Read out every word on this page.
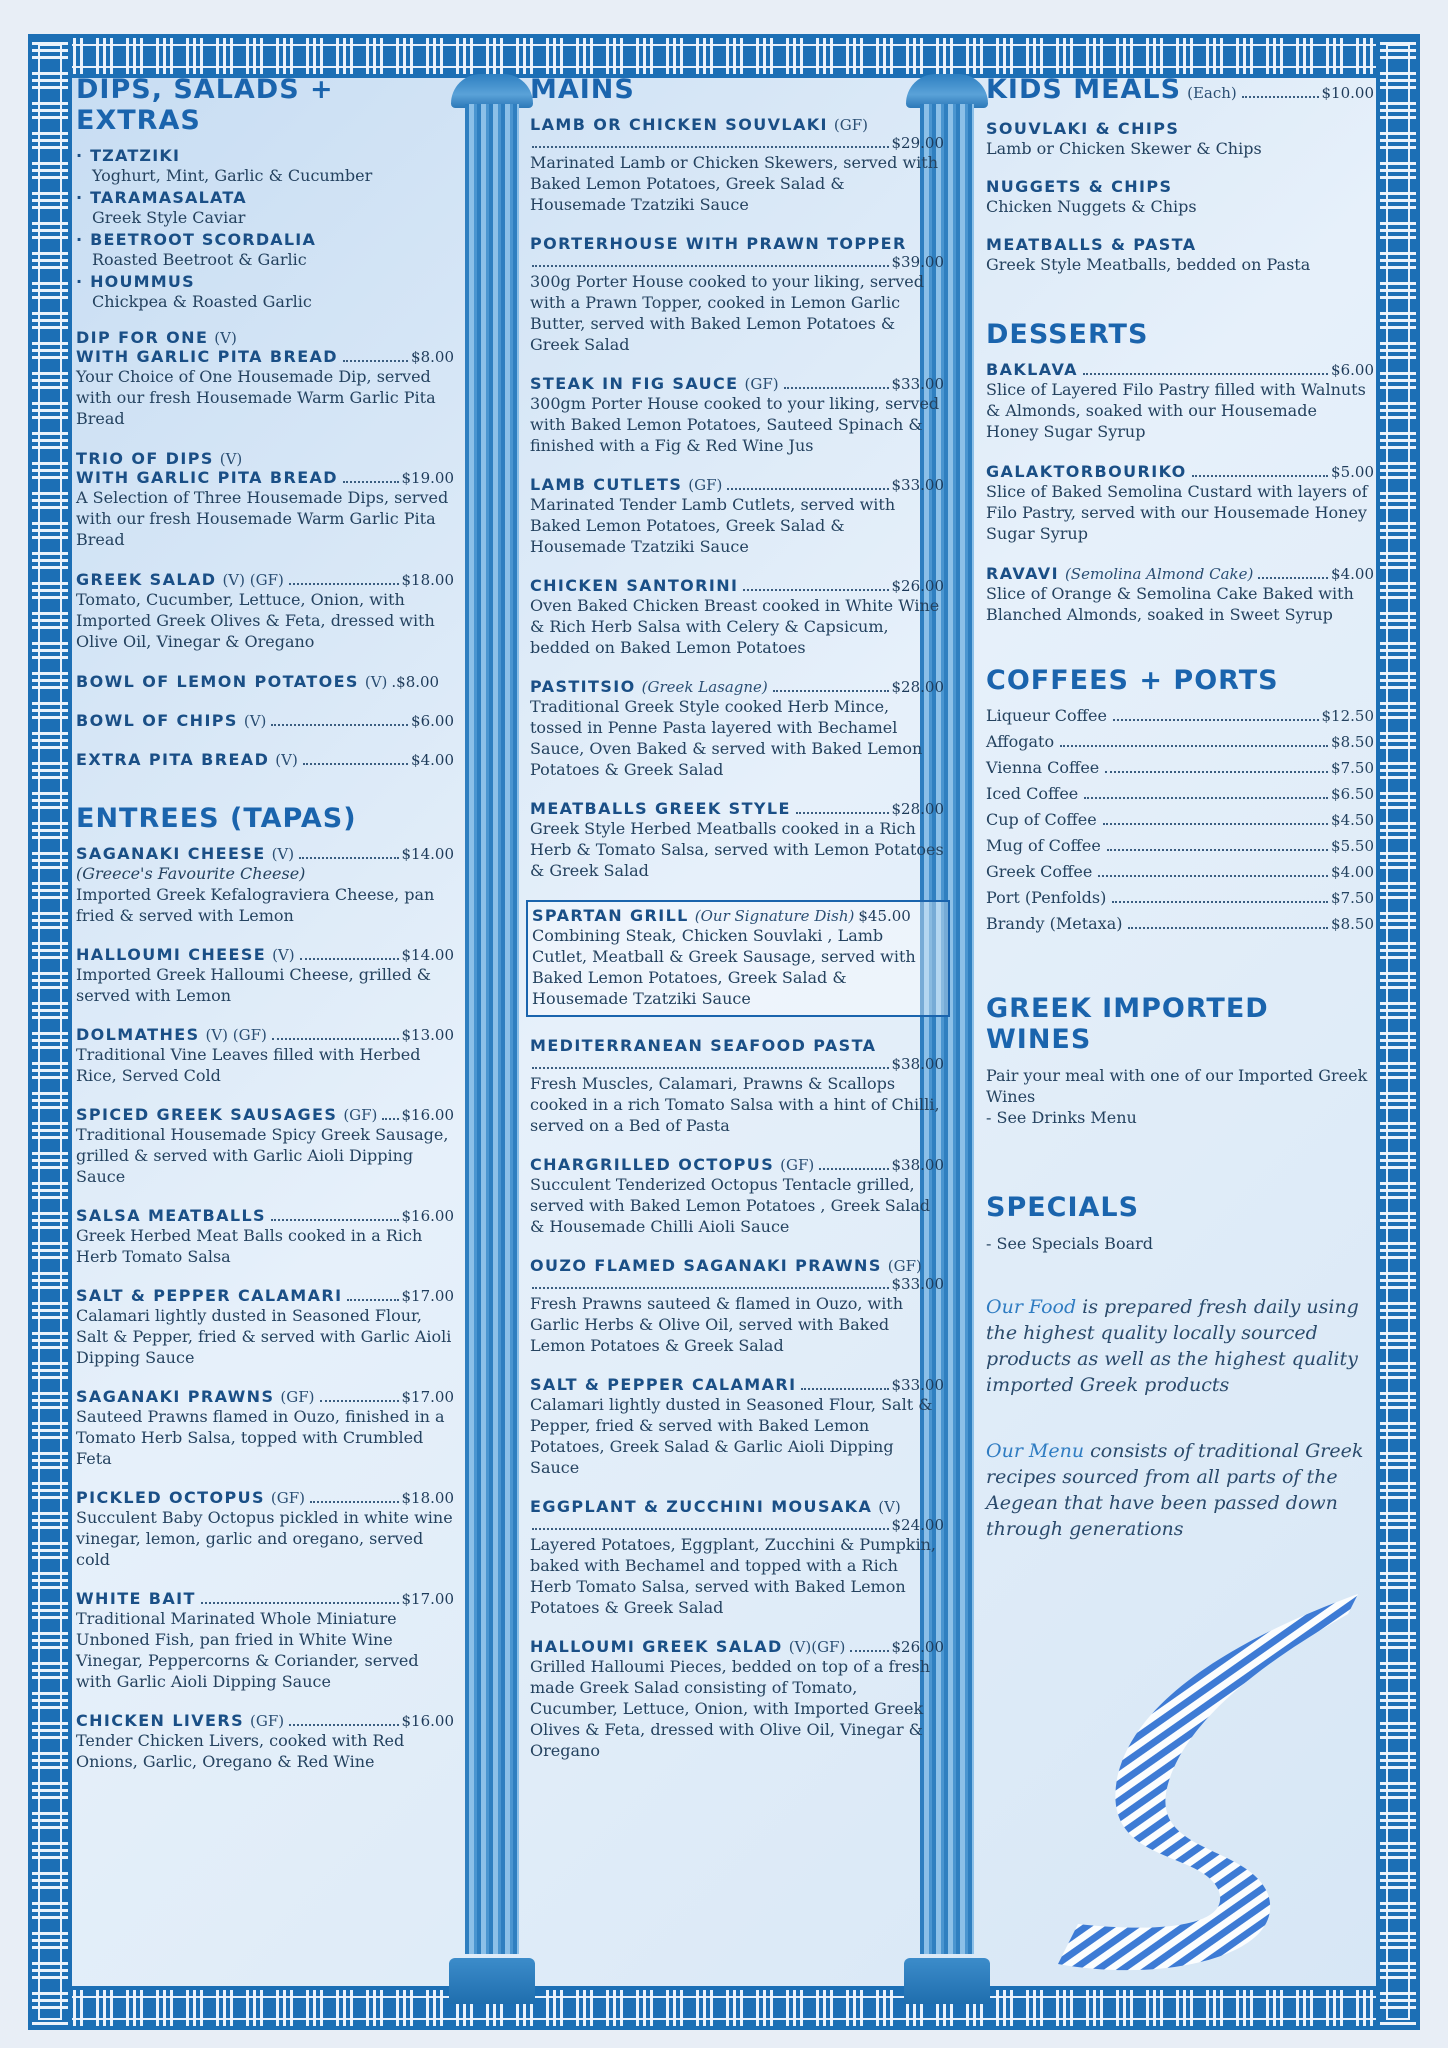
DIPS, SALADS + EXTRAS
· TZATZIKI
Yoghurt, Mint, Garlic & Cucumber
· TARAMASALATA
Greek Style Caviar
· BEETROOT SCORDALIA
Roasted Beetroot & Garlic
· HOUMMUS
Chickpea & Roasted Garlic
DIP FOR ONE (V)
WITH GARLIC PITA BREAD	$8.00
Your Choice of One Housemade Dip, served with our fresh Housemade Warm Garlic Pita Bread
TRIO OF DIPS (V)
WITH GARLIC PITA BREAD	$19.00
A Selection of Three Housemade Dips, served with our fresh Housemade Warm Garlic Pita Bread
GREEK SALAD (V) (GF)	$18.00
Tomato, Cucumber, Lettuce, Onion, with Imported Greek Olives & Feta, dressed with Olive Oil, Vinegar & Oregano
BOWL OF LEMON POTATOES (V) .$8.00
BOWL OF CHIPS (V)	$6.00
EXTRA PITA BREAD (V)	$4.00
ENTREES (TAPAS)
SAGANAKI CHEESE (V)	$14.00
(Greece's Favourite Cheese)
Imported Greek Kefalograviera Cheese, pan fried & served with Lemon
HALLOUMI CHEESE (V)	$14.00
Imported Greek Halloumi Cheese, grilled & served with Lemon
DOLMATHES (V) (GF)	$13.00
Traditional Vine Leaves filled with Herbed Rice, Served Cold
SPICED GREEK SAUSAGES (GF) $16.00
Traditional Housemade Spicy Greek Sausage, grilled & served with Garlic Aioli Dipping Sauce
SALSA MEATBALLS	$16.00
Greek Herbed Meat Balls cooked in a Rich Herb Tomato Salsa
SALT & PEPPER CALAMARI	$17.00
Calamari lightly dusted in Seasoned Flour, Salt & Pepper, fried & served with Garlic Aioli Dipping Sauce
SAGANAKI PRAWNS (GF)	$17.00
Sauteed Prawns flamed in Ouzo, finished in a Tomato Herb Salsa, topped with Crumbled Feta
PICKLED OCTOPUS (GF)	$18.00
Succulent Baby Octopus pickled in white wine vinegar, lemon, garlic and oregano, served cold
WHITE BAIT	$17.00
Traditional Marinated Whole Miniature Unboned Fish, pan fried in White Wine Vinegar, Peppercorns & Coriander, served with Garlic Aioli Dipping Sauce
CHICKEN LIVERS (GF)	$16.00
Tender Chicken Livers, cooked with Red Onions, Garlic, Oregano & Red Wine
MAINS
LAMB OR CHICKEN SOUVLAKI (GF)
$29.00
Marinated Lamb or Chicken Skewers, served with Baked Lemon Potatoes, Greek Salad & Housemade Tzatziki Sauce
PORTERHOUSE WITH PRAWN TOPPER
$39.00
300g Porter House cooked to your liking, served with a Prawn Topper, cooked in Lemon Garlic Butter, served with Baked Lemon Potatoes & Greek Salad
STEAK IN FIG SAUCE (GF)	$33.00
300gm Porter House cooked to your liking, served with Baked Lemon Potatoes, Sauteed Spinach & finished with a Fig & Red Wine Jus
LAMB CUTLETS (GF)	$33.00
Marinated Tender Lamb Cutlets, served with Baked Lemon Potatoes, Greek Salad & Housemade Tzatziki Sauce
CHICKEN SANTORINI	$26.00
Oven Baked Chicken Breast cooked in White Wine & Rich Herb Salsa with Celery & Capsicum, bedded on Baked Lemon Potatoes
PASTITSIO (Greek Lasagne)	$28.00
Traditional Greek Style cooked Herb Mince, tossed in Penne Pasta layered with Bechamel Sauce, Oven Baked & served with Baked Lemon Potatoes & Greek Salad
MEATBALLS GREEK STYLE	$28.00
Greek Style Herbed Meatballs cooked in a Rich Herb & Tomato Salsa, served with Lemon Potatoes & Greek Salad
SPARTAN GRILL (Our Signature Dish) $45.00
Combining Steak, Chicken Souvlaki , Lamb Cutlet, Meatball & Greek Sausage, served with Baked Lemon Potatoes, Greek Salad & Housemade Tzatziki Sauce
MEDITERRANEAN SEAFOOD PASTA
$38.00
Fresh Muscles, Calamari, Prawns & Scallops cooked in a rich Tomato Salsa with a hint of Chilli, served on a Bed of Pasta
CHARGRILLED OCTOPUS (GF)	$38.00
Succulent Tenderized Octopus Tentacle grilled, served with Baked Lemon Potatoes , Greek Salad & Housemade Chilli Aioli Sauce
OUZO FLAMED SAGANAKI PRAWNS (GF)
$33.00
Fresh Prawns sauteed & flamed in Ouzo, with Garlic Herbs & Olive Oil, served with Baked Lemon Potatoes & Greek Salad
SALT & PEPPER CALAMARI	$33.00
Calamari lightly dusted in Seasoned Flour, Salt & Pepper, fried & served with Baked Lemon Potatoes, Greek Salad & Garlic Aioli Dipping Sauce
EGGPLANT & ZUCCHINI MOUSAKA (V)
$24.00
Layered Potatoes, Eggplant, Zucchini & Pumpkin, baked with Bechamel and topped with a Rich Herb Tomato Salsa, served with Baked Lemon Potatoes & Greek Salad
HALLOUMI GREEK SALAD (V)(GF)	$26.00
Grilled Halloumi Pieces, bedded on top of a fresh made Greek Salad consisting of Tomato, Cucumber, Lettuce, Onion, with Imported Greek Olives & Feta, dressed with Olive Oil, Vinegar & Oregano
KIDS MEALS (Each)	$10.00
SOUVLAKI & CHIPS
Lamb or Chicken Skewer & Chips
NUGGETS & CHIPS
Chicken Nuggets & Chips
MEATBALLS & PASTA
Greek Style Meatballs, bedded on Pasta
DESSERTS
BAKLAVA	$6.00
Slice of Layered Filo Pastry filled with Walnuts & Almonds, soaked with our Housemade Honey Sugar Syrup
GALAKTORBOURIKO	$5.00
Slice of Baked Semolina Custard with layers of Filo Pastry, served with our Housemade Honey Sugar Syrup
RAVAVI (Semolina Almond Cake)	$4.00
Slice of Orange & Semolina Cake Baked with Blanched Almonds, soaked in Sweet Syrup
COFFEES + PORTS
Liqueur Coffee	$12.50
Affogato	$8.50
Vienna Coffee	$7.50
Iced Coffee	$6.50
Cup of Coffee	$4.50
Mug of Coffee	$5.50
Greek Coffee	$4.00
Port (Penfolds)	$7.50
Brandy (Metaxa)	$8.50
GREEK IMPORTED WINES
Pair your meal with one of our Imported Greek Wines
- See Drinks Menu
SPECIALS
- See Specials Board
Our Food is prepared fresh daily using the highest quality locally sourced products as well as the highest quality imported Greek products
Our Menu consists of traditional Greek recipes sourced from all parts of the Aegean that have been passed down through generations
